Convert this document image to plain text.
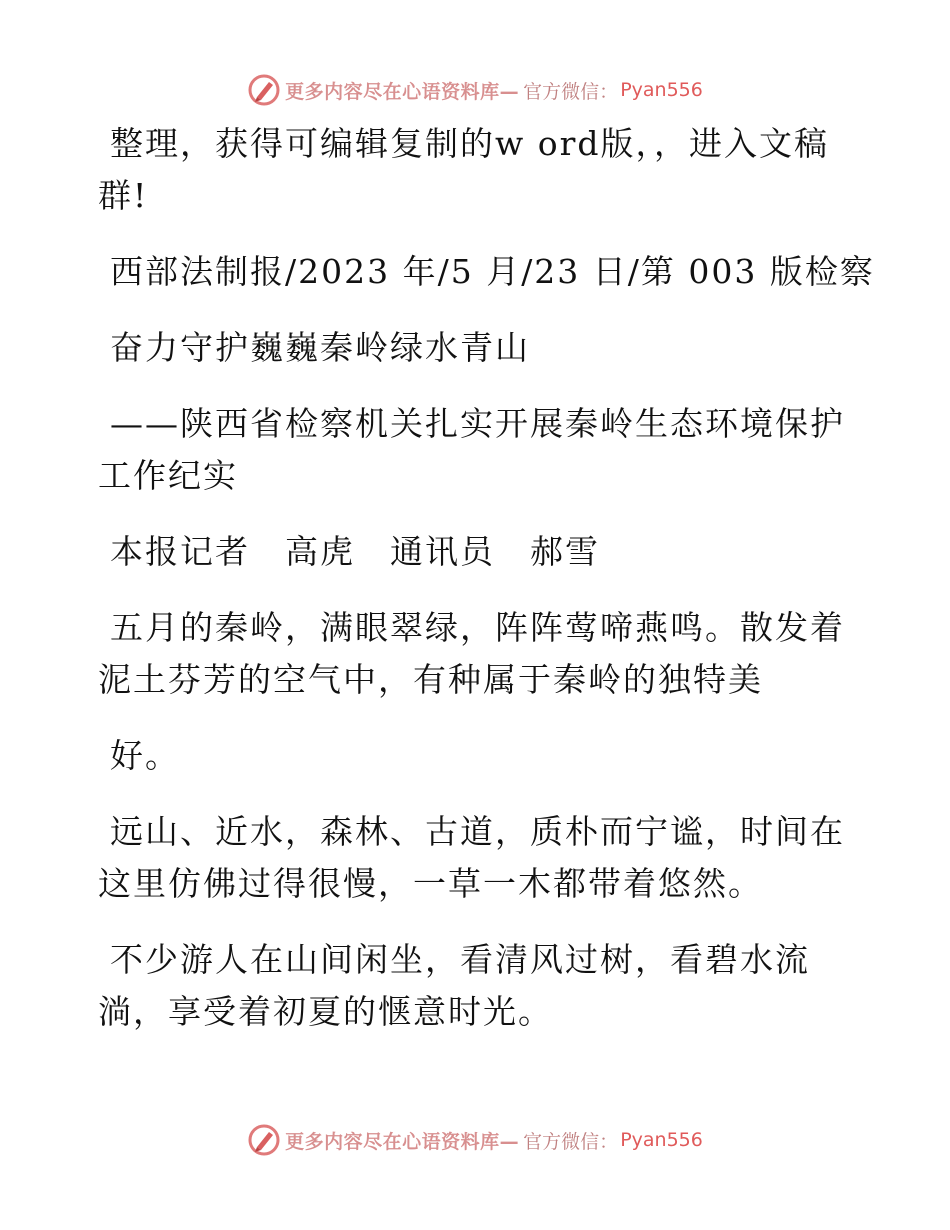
更多内容尽在心语资料库— 官方微信： Pyan556
整理，获得可编辑复制的w ord版，，进入文稿
群!
西部法制报/2023 年/5 月/23 日/第 003 版检察
奋力守护巍巍秦岭绿水青山
——陕西省检察机关扎实开展秦岭生态环境保护
工作纪实
本报记者　高虎　通讯员　郝雪
五月的秦岭，满眼翠绿，阵阵莺啼燕鸣。散发着
泥土芬芳的空气中，有种属于秦岭的独特美
好。
远山、近水，森林、古道，质朴而宁谧，时间在
这里仿佛过得很慢，一草一木都带着悠然。
不少游人在山间闲坐，看清风过树，看碧水流
淌，享受着初夏的惬意时光。
更多内容尽在心语资料库— 官方微信： Pyan556
